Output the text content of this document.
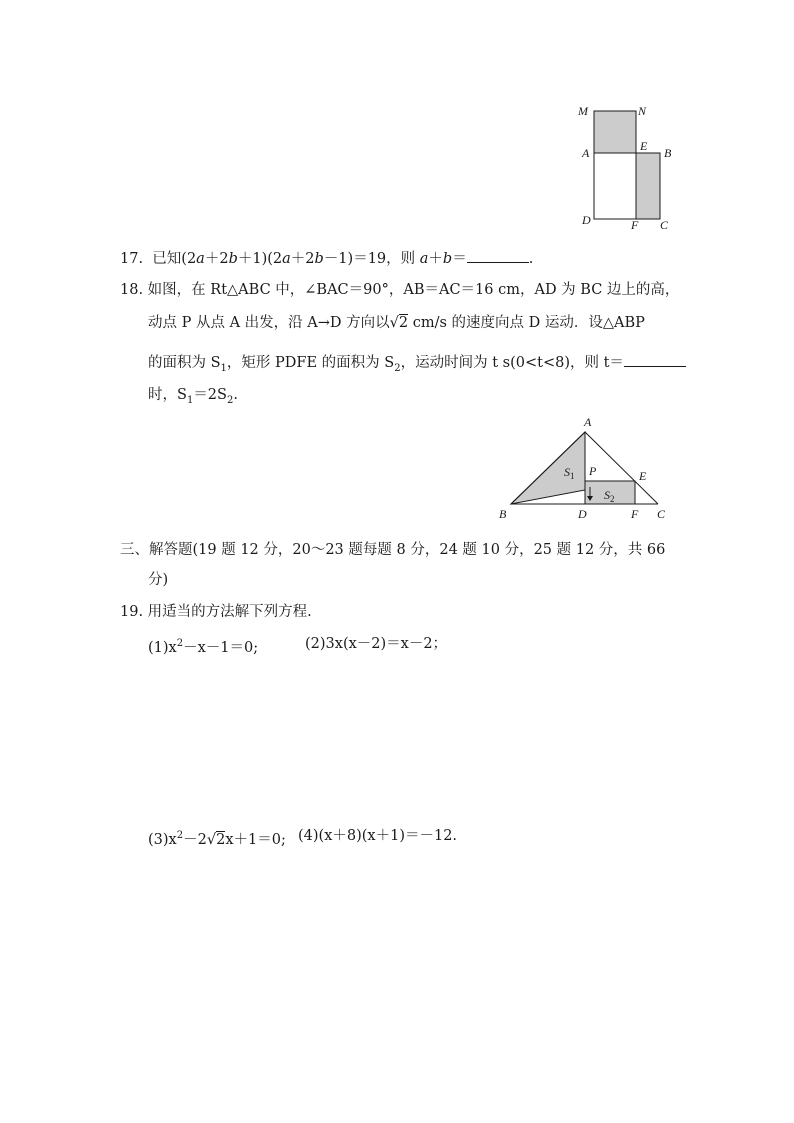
M	N
A	E B
D	F C
17. 已知(2a＋2b＋1)(2a＋2b－1)＝19，则 a＋b＝	.
18. 如图，在 Rt△ABC 中，∠BAC＝90°，AB＝AC＝16 cm，AD 为 BC 边上的高，
动点 P 从点 A 出发，沿 A→D 方向以√2 cm/s 的速度向点 D 运动．设△ABP
的面积为 $S_1$，矩形 PDFE 的面积为 $S_2$，运动时间为 t s(0<t<8)，则 t＝
时，$S_1=2S_2$.
A
B	D	F C
E
P
$S_1$
$S_2$
三、解答题(19 题 12 分，20～23 题每题 8 分，24 题 10 分，25 题 12 分，共 66
分)
19. 用适当的方法解下列方程.
$(1)x^2-x-1=0$;	(2)3x(x－2)＝x－2；
$(3)x^2-2√2x+1=0$; (4)(x＋8)(x＋1)＝－12.
